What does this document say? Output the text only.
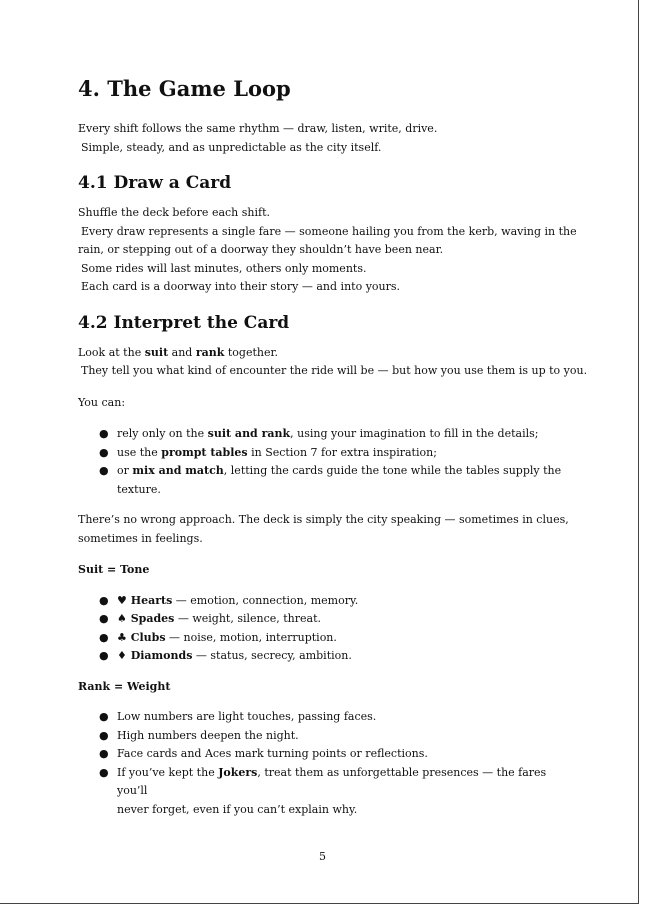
4. The Game Loop

Every shift follows the same rhythm — draw, listen, write, drive.
Simple, steady, and as unpredictable as the city itself.

4.1 Draw a Card

Shuffle the deck before each shift.
Every draw represents a single fare — someone hailing you from the kerb, waving in the
rain, or stepping out of a doorway they shouldn’t have been near.
Some rides will last minutes, others only moments.
Each card is a doorway into their story — and into yours.

4.2 Interpret the Card

Look at the suit and rank together.
They tell you what kind of encounter the ride will be — but how you use them is up to you.

You can:

● rely only on the suit and rank, using your imagination to fill in the details;
● use the prompt tables in Section 7 for extra inspiration;
● or mix and match, letting the cards guide the tone while the tables supply the
texture.

There’s no wrong approach. The deck is simply the city speaking — sometimes in clues,
sometimes in feelings.

Suit = Tone

● ♥ Hearts — emotion, connection, memory.
● ♠ Spades — weight, silence, threat.
● ♣ Clubs — noise, motion, interruption.
● ♦ Diamonds — status, secrecy, ambition.

Rank = Weight

● Low numbers are light touches, passing faces.
● High numbers deepen the night.
● Face cards and Aces mark turning points or reflections.
● If you’ve kept the Jokers, treat them as unforgettable presences — the fares you’ll
never forget, even if you can’t explain why.
5
